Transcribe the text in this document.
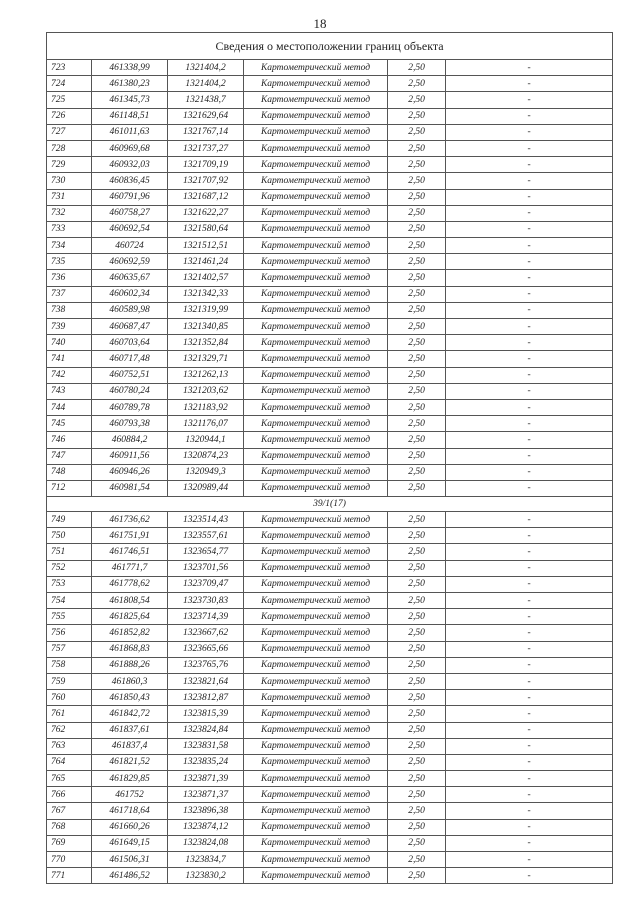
18
Сведения о местоположении границ объекта					
723	461338,99	1321404,2	Картометрический метод	2,50	-
724	461380,23	1321404,2	Картометрический метод	2,50	-
725	461345,73	1321438,7	Картометрический метод	2,50	-
726	461148,51	1321629,64	Картометрический метод	2,50	-
727	461011,63	1321767,14	Картометрический метод	2,50	-
728	460969,68	1321737,27	Картометрический метод	2,50	-
729	460932,03	1321709,19	Картометрический метод	2,50	-
730	460836,45	1321707,92	Картометрический метод	2,50	-
731	460791,96	1321687,12	Картометрический метод	2,50	-
732	460758,27	1321622,27	Картометрический метод	2,50	-
733	460692,54	1321580,64	Картометрический метод	2,50	-
734	460724	1321512,51	Картометрический метод	2,50	-
735	460692,59	1321461,24	Картометрический метод	2,50	-
736	460635,67	1321402,57	Картометрический метод	2,50	-
737	460602,34	1321342,33	Картометрический метод	2,50	-
738	460589,98	1321319,99	Картометрический метод	2,50	-
739	460687,47	1321340,85	Картометрический метод	2,50	-
740	460703,64	1321352,84	Картометрический метод	2,50	-
741	460717,48	1321329,71	Картометрический метод	2,50	-
742	460752,51	1321262,13	Картометрический метод	2,50	-
743	460780,24	1321203,62	Картометрический метод	2,50	-
744	460789,78	1321183,92	Картометрический метод	2,50	-
745	460793,38	1321176,07	Картометрический метод	2,50	-
746	460884,2	1320944,1	Картометрический метод	2,50	-
747	460911,56	1320874,23	Картометрический метод	2,50	-
748	460946,26	1320949,3	Картометрический метод	2,50	-
712	460981,54	1320989,44	Картометрический метод	2,50	-
39/1(17)					
749	461736,62	1323514,43	Картометрический метод	2,50	-
750	461751,91	1323557,61	Картометрический метод	2,50	-
751	461746,51	1323654,77	Картометрический метод	2,50	-
752	461771,7	1323701,56	Картометрический метод	2,50	-
753	461778,62	1323709,47	Картометрический метод	2,50	-
754	461808,54	1323730,83	Картометрический метод	2,50	-
755	461825,64	1323714,39	Картометрический метод	2,50	-
756	461852,82	1323667,62	Картометрический метод	2,50	-
757	461868,83	1323665,66	Картометрический метод	2,50	-
758	461888,26	1323765,76	Картометрический метод	2,50	-
759	461860,3	1323821,64	Картометрический метод	2,50	-
760	461850,43	1323812,87	Картометрический метод	2,50	-
761	461842,72	1323815,39	Картометрический метод	2,50	-
762	461837,61	1323824,84	Картометрический метод	2,50	-
763	461837,4	1323831,58	Картометрический метод	2,50	-
764	461821,52	1323835,24	Картометрический метод	2,50	-
765	461829,85	1323871,39	Картометрический метод	2,50	-
766	461752	1323871,37	Картометрический метод	2,50	-
767	461718,64	1323896,38	Картометрический метод	2,50	-
768	461660,26	1323874,12	Картометрический метод	2,50	-
769	461649,15	1323824,08	Картометрический метод	2,50	-
770	461506,31	1323834,7	Картометрический метод	2,50	-
771	461486,52	1323830,2	Картометрический метод	2,50	-
